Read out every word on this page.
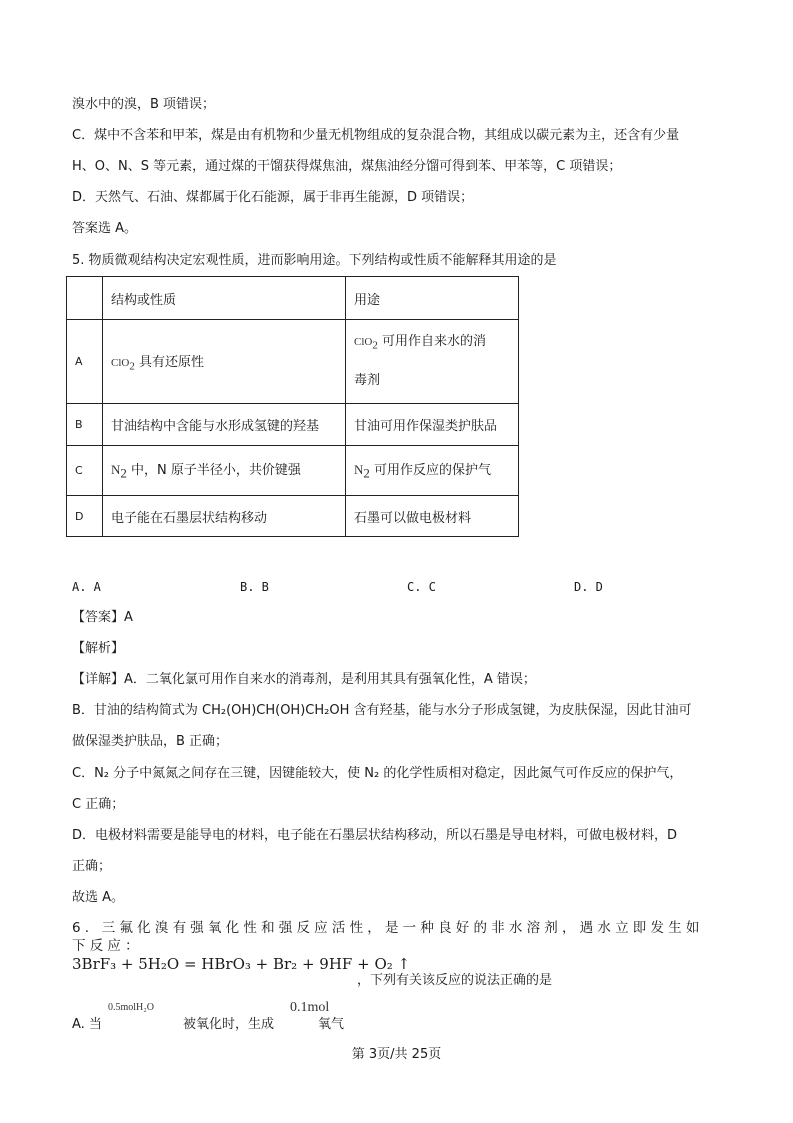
溴水中的溴，B 项错误；
C．煤中不含苯和甲苯，煤是由有机物和少量无机物组成的复杂混合物，其组成以碳元素为主，还含有少量
H、O、N、S 等元素，通过煤的干馏获得煤焦油，煤焦油经分馏可得到苯、甲苯等，C 项错误；
D．天然气、石油、煤都属于化石能源，属于非再生能源，D 项错误；
答案选 A。
5. 物质微观结构决定宏观性质，进而影响用途。下列结构或性质不能解释其用途的是
	结构或性质	用途
A	ClO$_2$ 具有还原性	ClO$_2$ 可用作自来水的消
毒剂
B	甘油结构中含能与水形成氢键的羟基	甘油可用作保湿类护肤品
C	$N_2$ 中，N 原子半径小，共价键强	$N_2$ 可用作反应的保护气
D	电子能在石墨层状结构移动	石墨可以做电极材料
A. A	B. B	C. C	D. D
【答案】A
【解析】
【详解】A．二氧化氯可用作自来水的消毒剂，是利用其具有强氧化性，A 错误；
B．甘油的结构简式为 CH₂(OH)CH(OH)CH₂OH 含有羟基，能与水分子形成氢键，为皮肤保湿，因此甘油可
做保湿类护肤品，B 正确；
C．N₂ 分子中氮氮之间存在三键，因键能较大，使 N₂ 的化学性质相对稳定，因此氮气可作反应的保护气，
C 正确；
D．电极材料需要是能导电的材料，电子能在石墨层状结构移动，所以石墨是导电材料，可做电极材料，D
正确；
故选 A。
6. 三氟化溴有强氧化性和强反应活性，是一种良好的非水溶剂，遇水立即发生如
下反应：
3BrF₃ + 5H₂O = HBrO₃ + Br₂ + 9HF + O₂ ↑
，下列有关该反应的说法正确的是
A. 当
0.5molH₂O
被氧化时，生成
0.1mol
氧气
第 3页/共 25页
